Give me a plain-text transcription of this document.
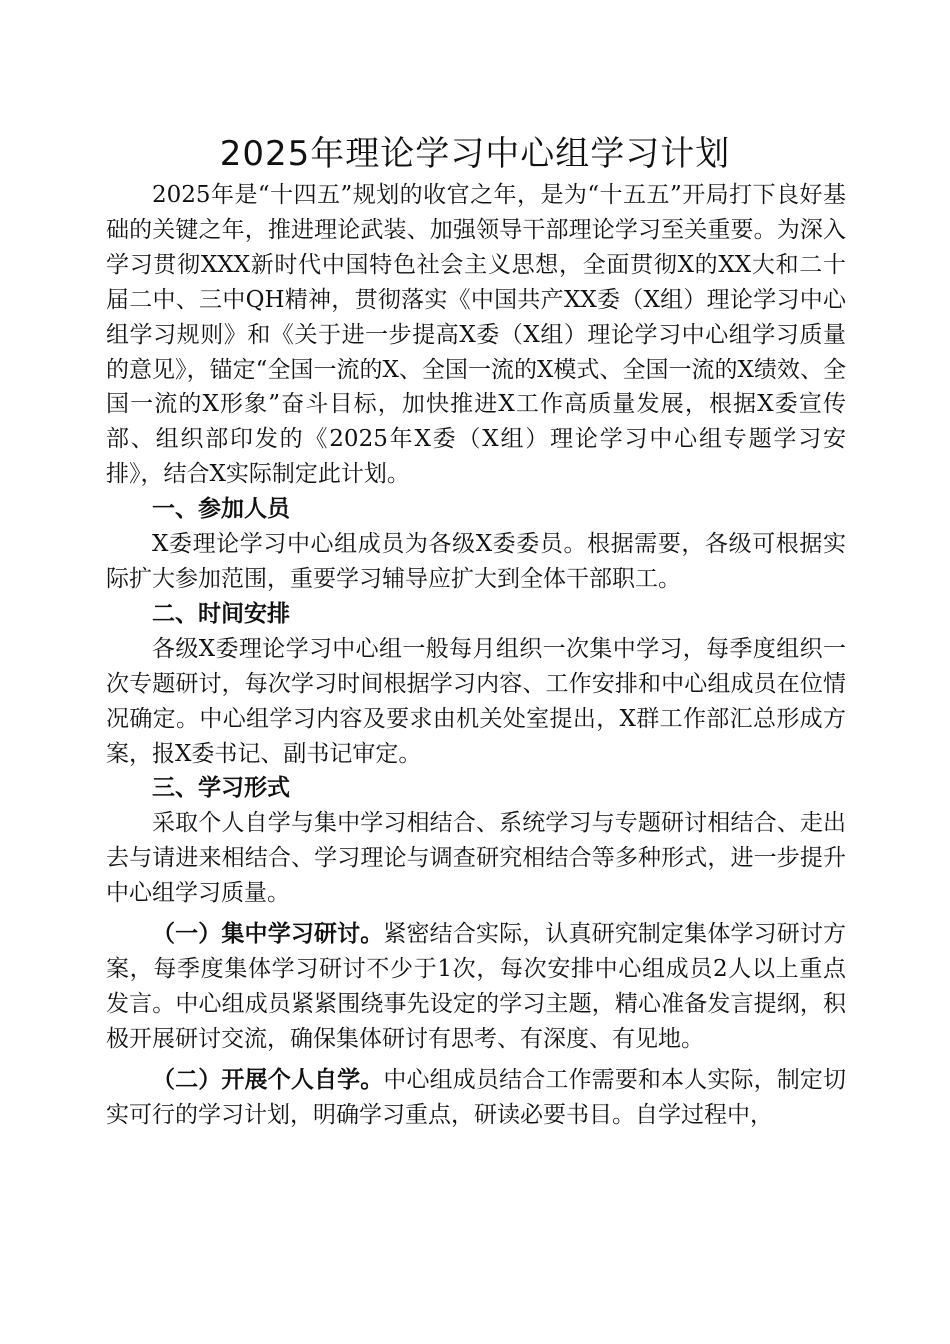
2025年理论学习中心组学习计划

2025年是“十四五”规划的收官之年，是为“十五五”开局打下良好基础的关键之年，推进理论武装、加强领导干部理论学习至关重要。为深入学习贯彻XXX新时代中国特色社会主义思想，全面贯彻X的XX大和二十届二中、三中QH精神，贯彻落实《中国共产XX委（X组）理论学习中心组学习规则》和《关于进一步提高X委（X组）理论学习中心组学习质量的意见》，锚定“全国一流的X、全国一流的X模式、全国一流的X绩效、全国一流的X形象”奋斗目标，加快推进X工作高质量发展，根据X委宣传部、组织部印发的《2025年X委（X组）理论学习中心组专题学习安排》，结合X实际制定此计划。

一、参加人员

X委理论学习中心组成员为各级X委委员。根据需要，各级可根据实际扩大参加范围，重要学习辅导应扩大到全体干部职工。

二、时间安排

各级X委理论学习中心组一般每月组织一次集中学习，每季度组织一次专题研讨，每次学习时间根据学习内容、工作安排和中心组成员在位情况确定。中心组学习内容及要求由机关处室提出，X群工作部汇总形成方案，报X委书记、副书记审定。

三、学习形式

采取个人自学与集中学习相结合、系统学习与专题研讨相结合、走出去与请进来相结合、学习理论与调查研究相结合等多种形式，进一步提升中心组学习质量。

（一）集中学习研讨。紧密结合实际，认真研究制定集体学习研讨方案，每季度集体学习研讨不少于1次，每次安排中心组成员2人以上重点发言。中心组成员紧紧围绕事先设定的学习主题，精心准备发言提纲，积极开展研讨交流，确保集体研讨有思考、有深度、有见地。

（二）开展个人自学。中心组成员结合工作需要和本人实际，制定切实可行的学习计划，明确学习重点，研读必要书目。自学过程中，
